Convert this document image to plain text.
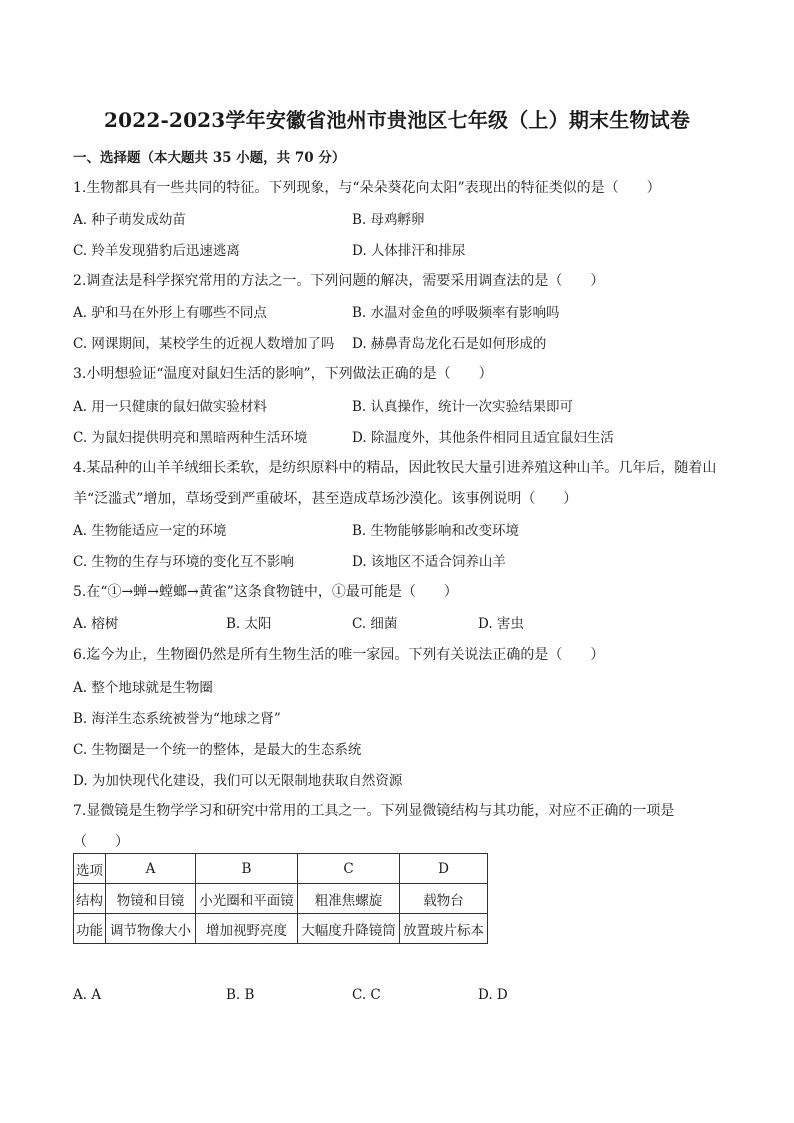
2022-2023学年安徽省池州市贵池区七年级（上）期末生物试卷
一、选择题（本大题共 35 小题，共 70 分）
1.生物都具有一些共同的特征。下列现象，与“朵朵葵花向太阳”表现出的特征类似的是（　　）
A. 种子萌发成幼苗	B. 母鸡孵卵
C. 羚羊发现猎豹后迅速逃离	D. 人体排汗和排尿
2.调查法是科学探究常用的方法之一。下列问题的解决，需要采用调查法的是（　　）
A. 驴和马在外形上有哪些不同点	B. 水温对金鱼的呼吸频率有影响吗
C. 网课期间，某校学生的近视人数增加了吗 D. 赫鼻青岛龙化石是如何形成的
3.小明想验证“温度对鼠妇生活的影响”，下列做法正确的是（　　）
A. 用一只健康的鼠妇做实验材料	B. 认真操作，统计一次实验结果即可
C. 为鼠妇提供明亮和黑暗两种生活环境	D. 除温度外，其他条件相同且适宜鼠妇生活
4.某品种的山羊羊绒细长柔软，是纺织原料中的精品，因此牧民大量引进养殖这种山羊。几年后，随着山
羊“泛滥式”增加，草场受到严重破坏，甚至造成草场沙漠化。该事例说明（　　）
A. 生物能适应一定的环境	B. 生物能够影响和改变环境
C. 生物的生存与环境的变化互不影响	D. 该地区不适合饲养山羊
5.在“①→蝉→螳螂→黄雀”这条食物链中，①最可能是（　　）
A. 榕树	B. 太阳	C. 细菌	D. 害虫
6.迄今为止，生物圈仍然是所有生物生活的唯一家园。下列有关说法正确的是（　　）
A. 整个地球就是生物圈
B. 海洋生态系统被誉为“地球之肾”
C. 生物圈是一个统一的整体，是最大的生态系统
D. 为加快现代化建设，我们可以无限制地获取自然资源
7.显微镜是生物学学习和研究中常用的工具之一。下列显微镜结构与其功能，对应不正确的一项是
（　　）
选项	A	B	C	D
结构	物镜和目镜	小光圈和平面镜	粗准焦螺旋	载物台
功能	调节物像大小	增加视野亮度	大幅度升降镜筒	放置玻片标本
A. A	B. B	C. C	D. D
